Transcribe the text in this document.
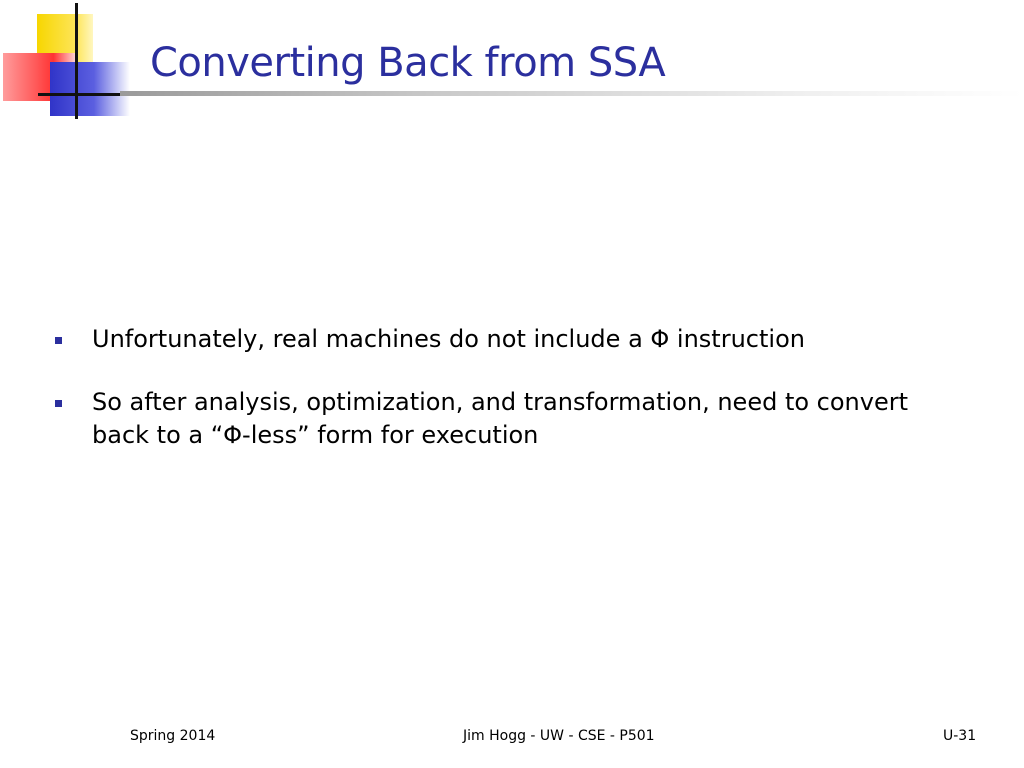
Converting Back from SSA
Unfortunately, real machines do not include a Φ instruction
So after analysis, optimization, and transformation, need to convert back to a “Φ-less” form for execution
Spring 2014	Jim Hogg - UW - CSE - P501	U-31
